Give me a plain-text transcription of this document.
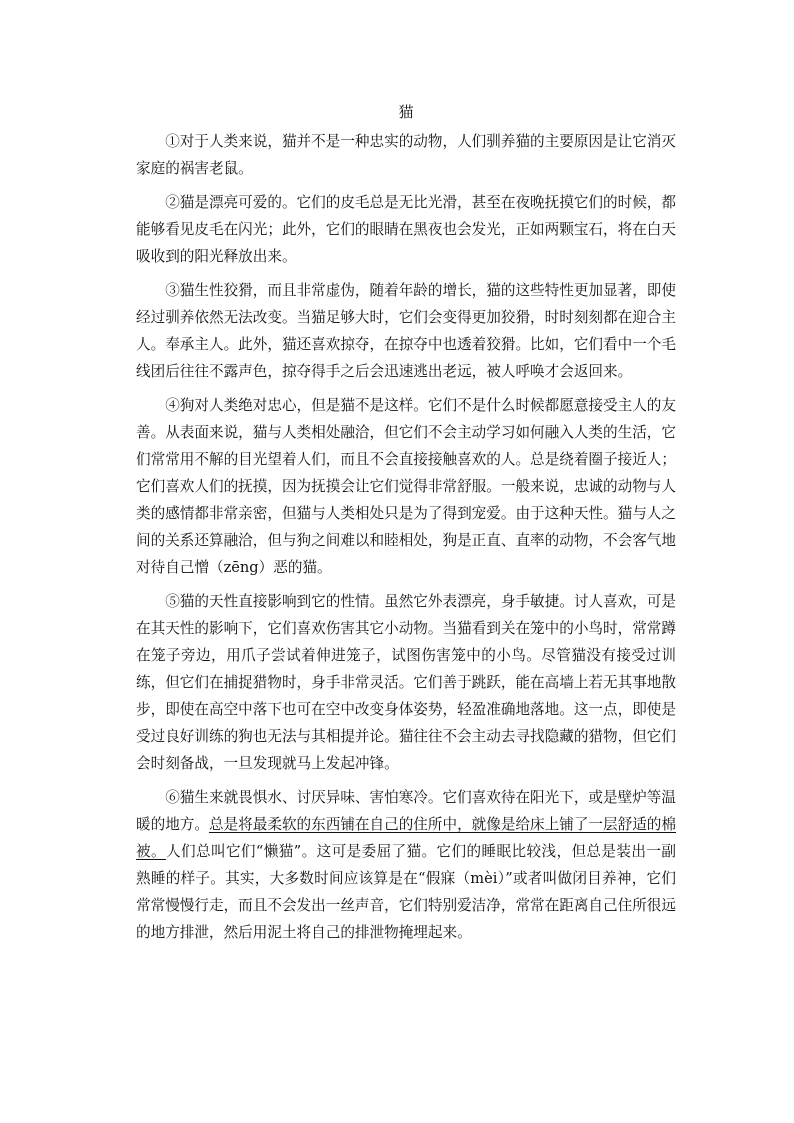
猫

①对于人类来说，猫并不是一种忠实的动物，人们驯养猫的主要原因是让它消灭家庭的祸害老鼠。

②猫是漂亮可爱的。它们的皮毛总是无比光滑，甚至在夜晚抚摸它们的时候，都能够看见皮毛在闪光；此外，它们的眼睛在黑夜也会发光，正如两颗宝石，将在白天吸收到的阳光释放出来。

③猫生性狡猾，而且非常虚伪，随着年龄的增长，猫的这些特性更加显著，即使经过驯养依然无法改变。当猫足够大时，它们会变得更加狡猾，时时刻刻都在迎合主人。奉承主人。此外，猫还喜欢掠夺，在掠夺中也透着狡猾。比如，它们看中一个毛线团后往往不露声色，掠夺得手之后会迅速逃出老远，被人呼唤才会返回来。

④狗对人类绝对忠心，但是猫不是这样。它们不是什么时候都愿意接受主人的友善。从表面来说，猫与人类相处融洽，但它们不会主动学习如何融入人类的生活，它们常常用不解的目光望着人们，而且不会直接接触喜欢的人。总是绕着圈子接近人；它们喜欢人们的抚摸，因为抚摸会让它们觉得非常舒服。一般来说，忠诚的动物与人类的感情都非常亲密，但猫与人类相处只是为了得到宠爱。由于这种天性。猫与人之间的关系还算融洽，但与狗之间难以和睦相处，狗是正直、直率的动物，不会客气地对待自己憎（zēng）恶的猫。

⑤猫的天性直接影响到它的性情。虽然它外表漂亮，身手敏捷。讨人喜欢，可是在其天性的影响下，它们喜欢伤害其它小动物。当猫看到关在笼中的小鸟时，常常蹲在笼子旁边，用爪子尝试着伸进笼子，试图伤害笼中的小鸟。尽管猫没有接受过训练，但它们在捕捉猎物时，身手非常灵活。它们善于跳跃，能在高墙上若无其事地散步，即使在高空中落下也可在空中改变身体姿势，轻盈准确地落地。这一点，即使是受过良好训练的狗也无法与其相提并论。猫往往不会主动去寻找隐藏的猎物，但它们会时刻备战，一旦发现就马上发起冲锋。

⑥猫生来就畏惧水、讨厌异味、害怕寒冷。它们喜欢待在阳光下，或是壁炉等温暖的地方。总是将最柔软的东西铺在自己的住所中，就像是给床上铺了一层舒适的棉被。人们总叫它们“懒猫”。这可是委屈了猫。它们的睡眠比较浅，但总是装出一副熟睡的样子。其实，大多数时间应该算是在“假寐（mèi）”或者叫做闭目养神，它们常常慢慢行走，而且不会发出一丝声音，它们特别爱洁净，常常在距离自己住所很远的地方排泄，然后用泥土将自己的排泄物掩埋起来。
